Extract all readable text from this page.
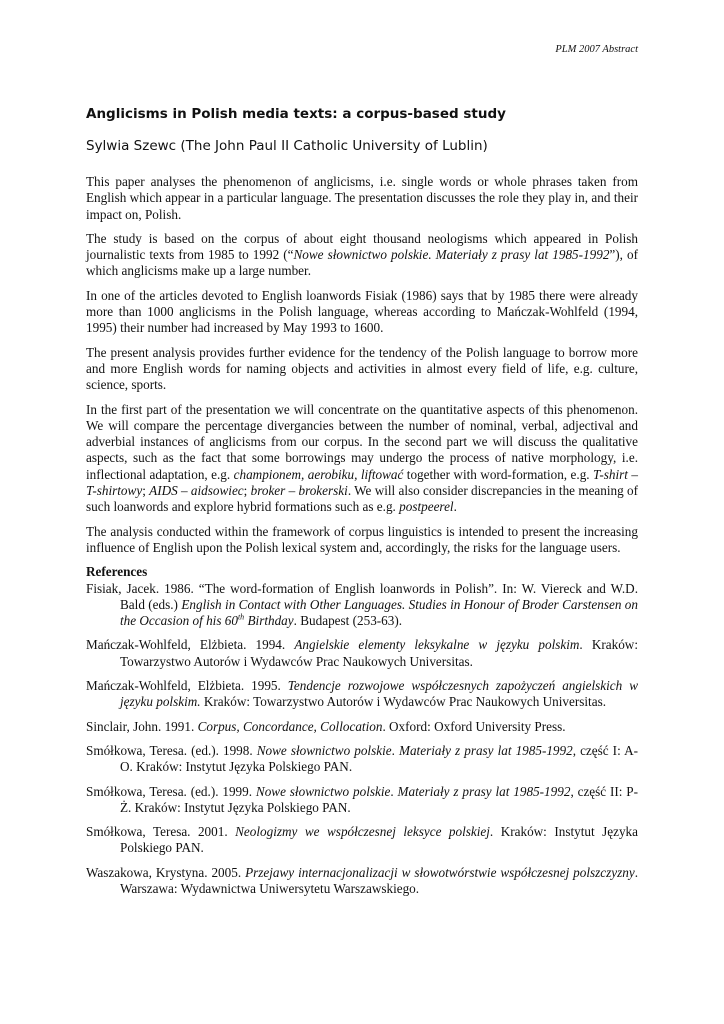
PLM 2007 Abstract
Anglicisms in Polish media texts: a corpus-based study

Sylwia Szewc (The John Paul II Catholic University of Lublin)

This paper analyses the phenomenon of anglicisms, i.e. single words or whole phrases taken from English which appear in a particular language. The presentation discusses the role they play in, and their impact on, Polish.

The study is based on the corpus of about eight thousand neologisms which appeared in Polish journalistic texts from 1985 to 1992 (“Nowe słownictwo polskie. Materiały z prasy lat 1985-1992”), of which anglicisms make up a large number.

In one of the articles devoted to English loanwords Fisiak (1986) says that by 1985 there were already more than 1000 anglicisms in the Polish language, whereas according to Mańczak-Wohlfeld (1994, 1995) their number had increased by May 1993 to 1600.

The present analysis provides further evidence for the tendency of the Polish language to borrow more and more English words for naming objects and activities in almost every field of life, e.g. culture, science, sports.

In the first part of the presentation we will concentrate on the quantitative aspects of this phenomenon. We will compare the percentage divergancies between the number of nominal, verbal, adjectival and adverbial instances of anglicisms from our corpus. In the second part we will discuss the qualitative aspects, such as the fact that some borrowings may undergo the process of native morphology, i.e. inflectional adaptation, e.g. championem, aerobiku, liftować together with word-formation, e.g. T-shirt – T-shirtowy; AIDS – aidsowiec; broker – brokerski. We will also consider discrepancies in the meaning of such loanwords and explore hybrid formations such as e.g. postpeerel.

The analysis conducted within the framework of corpus linguistics is intended to present the increasing influence of English upon the Polish lexical system and, accordingly, the risks for the language users.

References

Fisiak, Jacek. 1986. “The word-formation of English loanwords in Polish”. In: W. Viereck and W.D. Bald (eds.) English in Contact with Other Languages. Studies in Honour of Broder Carstensen on the Occasion of his 60th Birthday. Budapest (253-63).

Mańczak-Wohlfeld, Elżbieta. 1994. Angielskie elementy leksykalne w języku polskim. Kraków: Towarzystwo Autorów i Wydawców Prac Naukowych Universitas.

Mańczak-Wohlfeld, Elżbieta. 1995. Tendencje rozwojowe współczesnych zapożyczeń angielskich w języku polskim. Kraków: Towarzystwo Autorów i Wydawców Prac Naukowych Universitas.

Sinclair, John. 1991. Corpus, Concordance, Collocation. Oxford: Oxford University Press.

Smółkowa, Teresa. (ed.). 1998. Nowe słownictwo polskie. Materiały z prasy lat 1985-1992, część I: A-O. Kraków: Instytut Języka Polskiego PAN.

Smółkowa, Teresa. (ed.). 1999. Nowe słownictwo polskie. Materiały z prasy lat 1985-1992, część II: P-Ż. Kraków: Instytut Języka Polskiego PAN.

Smółkowa, Teresa. 2001. Neologizmy we współczesnej leksyce polskiej. Kraków: Instytut Języka Polskiego PAN.

Waszakowa, Krystyna. 2005. Przejawy internacjonalizacji w słowotwórstwie współczesnej polszczyzny. Warszawa: Wydawnictwa Uniwersytetu Warszawskiego.
